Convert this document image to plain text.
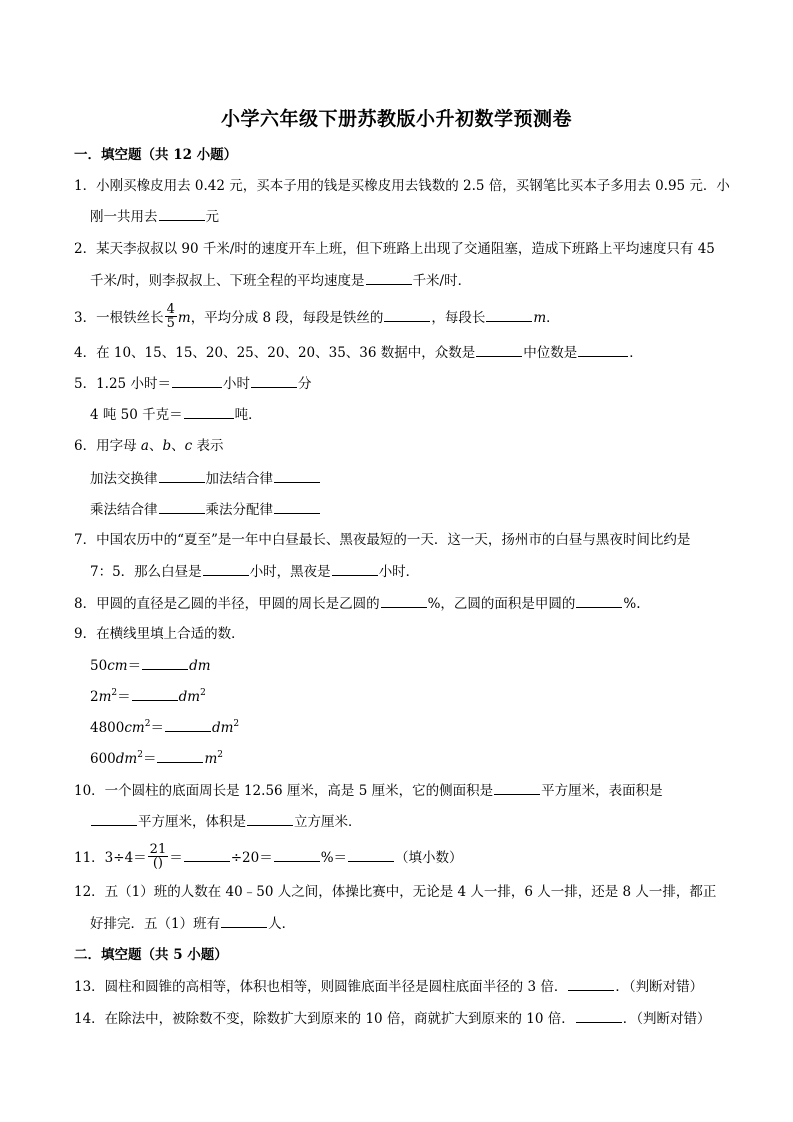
小学六年级下册苏教版小升初数学预测卷
一．填空题（共 12 小题）
1．小刚买橡皮用去 0.42 元，买本子用的钱是买橡皮用去钱数的 2.5 倍，买钢笔比买本子多用去 0.95 元．小
刚一共用去	元
2．某天李叔叔以 90 千米/时的速度开车上班，但下班路上出现了交通阻塞，造成下班路上平均速度只有 45
千米/时，则李叔叔上、下班全程的平均速度是	千米/时．
3．一根铁丝长 $\frac{4}{5}$ m，平均分成 8 段，每段是铁丝的	，每段长	m．
4．在 10、15、15、20、25、20、20、35、36 数据中，众数是	中位数是	．
5．1.25 小时＝	小时	分
4 吨 50 千克＝	吨．
6．用字母 a、b、c 表示
加法交换律	加法结合律
乘法结合律	乘法分配律
7．中国农历中的“夏至”是一年中白昼最长、黑夜最短的一天．这一天，扬州市的白昼与黑夜时间比约是
7：5．那么白昼是	小时，黑夜是	小时．
8．甲圆的直径是乙圆的半径，甲圆的周长是乙圆的	%，乙圆的面积是甲圆的	%.
9．在横线里填上合适的数．
50cm＝	dm
$2m^2=$	$dm^2$
$4800cm^2=$	$dm^2$
$600dm^2=$	$m^2$
10．一个圆柱的底面周长是 12.56 厘米，高是 5 厘米，它的侧面积是	平方厘米，表面积是
平方厘米，体积是	立方厘米．
11．$3\div 4= \frac{21}{()}$ ＝	÷20＝	%＝	（填小数）
12．五（1）班的人数在 40﹣50 人之间，体操比赛中，无论是 4 人一排，6 人一排，还是 8 人一排，都正
好排完．五（1）班有	人．
二．填空题（共 5 小题）
13．圆柱和圆锥的高相等，体积也相等，则圆锥底面半径是圆柱底面半径的 3 倍．	．（判断对错）
14．在除法中，被除数不变，除数扩大到原来的 10 倍，商就扩大到原来的 10 倍．	．（判断对错）
